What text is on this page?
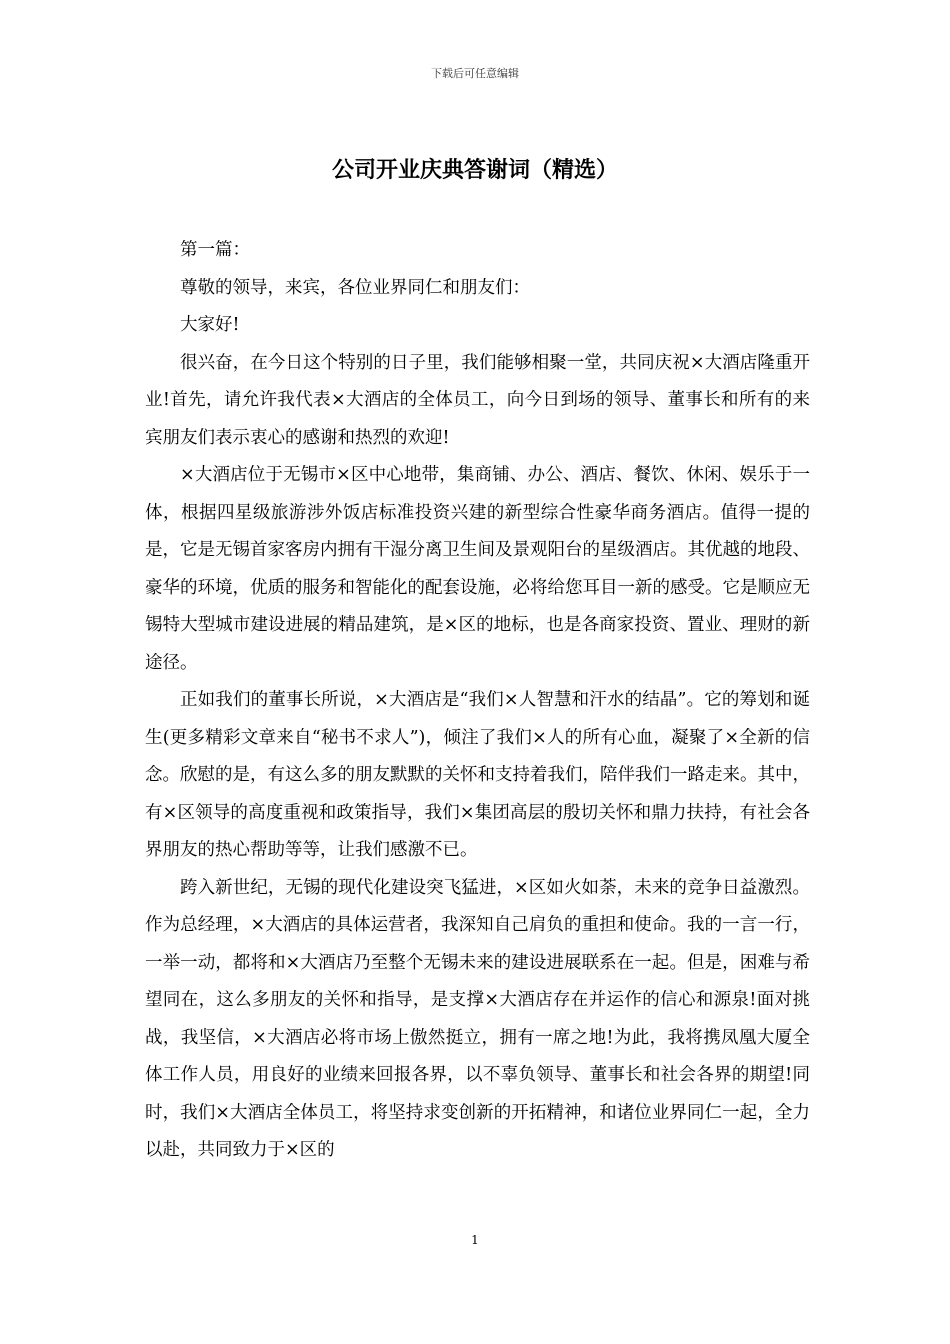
下载后可任意编辑
公司开业庆典答谢词（精选）

第一篇：

尊敬的领导，来宾，各位业界同仁和朋友们：

大家好!

很兴奋，在今日这个特别的日子里，我们能够相聚一堂，共同庆祝×大酒店隆重开业!首先，请允许我代表×大酒店的全体员工，向今日到场的领导、董事长和所有的来宾朋友们表示衷心的感谢和热烈的欢迎!

×大酒店位于无锡市×区中心地带，集商铺、办公、酒店、餐饮、休闲、娱乐于一体，根据四星级旅游涉外饭店标准投资兴建的新型综合性豪华商务酒店。值得一提的是，它是无锡首家客房内拥有干湿分离卫生间及景观阳台的星级酒店。其优越的地段、豪华的环境，优质的服务和智能化的配套设施，必将给您耳目一新的感受。它是顺应无锡特大型城市建设进展的精品建筑，是×区的地标，也是各商家投资、置业、理财的新途径。

正如我们的董事长所说，×大酒店是“我们×人智慧和汗水的结晶”。它的筹划和诞生(更多精彩文章来自“秘书不求人”)，倾注了我们×人的所有心血，凝聚了×全新的信念。欣慰的是，有这么多的朋友默默的关怀和支持着我们，陪伴我们一路走来。其中，有×区领导的高度重视和政策指导，我们×集团高层的殷切关怀和鼎力扶持，有社会各界朋友的热心帮助等等，让我们感激不已。

跨入新世纪，无锡的现代化建设突飞猛进，×区如火如荼，未来的竞争日益激烈。作为总经理，×大酒店的具体运营者，我深知自己肩负的重担和使命。我的一言一行，一举一动，都将和×大酒店乃至整个无锡未来的建设进展联系在一起。但是，困难与希望同在，这么多朋友的关怀和指导，是支撑×大酒店存在并运作的信心和源泉!面对挑战，我坚信，×大酒店必将市场上傲然挺立，拥有一席之地!为此，我将携凤凰大厦全体工作人员，用良好的业绩来回报各界，以不辜负领导、董事长和社会各界的期望!同时，我们×大酒店全体员工，将坚持求变创新的开拓精神，和诸位业界同仁一起，全力以赴，共同致力于×区的

1
